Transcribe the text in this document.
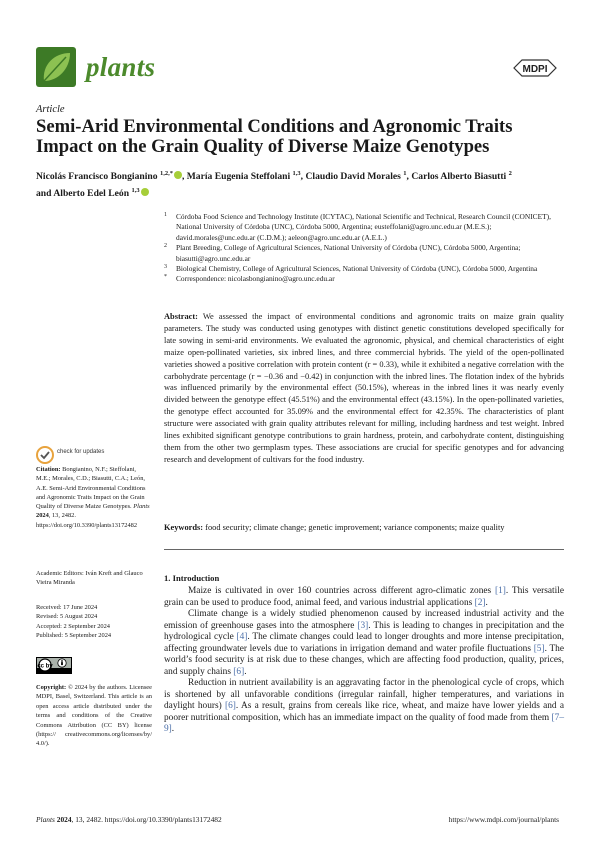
plants	MDPI
Article
Semi-Arid Environmental Conditions and Agronomic Traits Impact on the Grain Quality of Diverse Maize Genotypes
Nicolás Francisco Bongianino $^{1,2,*}$ , María Eugenia Steffolani $^{1,3}$, Claudio David Morales $^1$, Carlos Alberto Biasutti $^2$
and Alberto Edel León $^{1,3}$
1 Córdoba Food Science and Technology Institute (ICYTAC), National Scientific and Technical, Research Council (CONICET), National University of Córdoba (UNC), Córdoba 5000, Argentina; eusteffolani@agro.unc.edu.ar (M.E.S.); david.morales@unc.edu.ar (C.D.M.); aeleon@agro.unc.edu.ar (A.E.L.)
2 Plant Breeding, College of Agricultural Sciences, National University of Córdoba (UNC), Córdoba 5000, Argentina; biasutti@agro.unc.edu.ar
3 Biological Chemistry, College of Agricultural Sciences, National University of Córdoba (UNC), Córdoba 5000, Argentina
* Correspondence: nicolasbongianino@agro.unc.edu.ar
Abstract: We assessed the impact of environmental conditions and agronomic traits on maize grain quality parameters. The study was conducted using genotypes with distinct genetic constitutions developed specifically for late sowing in semi-arid environments. We evaluated the agronomic, physical, and chemical characteristics of eight maize open-pollinated varieties, six inbred lines, and three commercial hybrids. The yield of the open-pollinated varieties showed a positive correlation with protein content (r = 0.33), while it exhibited a negative correlation with the carbohydrate percentage (r = −0.36 and −0.42) in conjunction with the inbred lines. The flotation index of the hybrids was influenced primarily by the environmental effect (50.15%), whereas in the inbred lines it was nearly evenly divided between the genotype effect (45.51%) and the environmental effect (43.15%). In the open-pollinated varieties, the genotype effect accounted for 35.09% and the environmental effect for 42.35%. The characteristics of plant structure were associated with grain quality attributes relevant for milling, including hardness and test weight. Inbred lines exhibited significant genotype contributions to grain hardness, protein, and carbohydrate content, distinguishing them from the other two germplasm types. These associations are crucial for specific genotypes and for advancing research and development of cultivars for the food industry.
Keywords: food security; climate change; genetic improvement; variance components; maize quality
check for updates
Citation: Bongianino, N.F.; Steffolani, M.E.; Morales, C.D.; Biasutti, C.A.; León, A.E. Semi-Arid Environmental Conditions and Agronomic Traits Impact on the Grain Quality of Diverse Maize Genotypes. Plants 2024, 13, 2482. https://doi.org/10.3390/plants13172482
Academic Editors: Iván Kreft and Glauco Vieira Miranda
Received: 17 June 2024
Revised: 5 August 2024
Accepted: 2 September 2024
Published: 5 September 2024
cc by
Copyright: © 2024 by the authors. Licensee MDPI, Basel, Switzerland. This article is an open access article distributed under the terms and conditions of the Creative Commons Attribution (CC BY) license (https:// creativecommons.org/licenses/by/ 4.0/).
1. Introduction

Maize is cultivated in over 160 countries across different agro-climatic zones [1]. This versatile grain can be used to produce food, animal feed, and various industrial applications [2].

Climate change is a widely studied phenomenon caused by increased industrial activity and the emission of greenhouse gases into the atmosphere [3]. This is leading to changes in precipitation and the hydrological cycle [4]. The climate changes could lead to longer droughts and more intense precipitation, affecting groundwater levels due to variations in irrigation demand and water profile fluctuations [5]. The world’s food security is at risk due to these changes, which are affecting food production, quality, prices, and supply chains [6].

Reduction in nutrient availability is an aggravating factor in the phenological cycle of crops, which is shortened by all unfavorable conditions (irregular rainfall, higher temperatures, and variations in daylight hours) [6]. As a result, grains from cereals like rice, wheat, and maize have lower yields and a poorer nutritional composition, which has an immediate impact on the quality of food made from them [7–9].

Plants 2024, 13, 2482. https://doi.org/10.3390/plants13172482	https://www.mdpi.com/journal/plants
